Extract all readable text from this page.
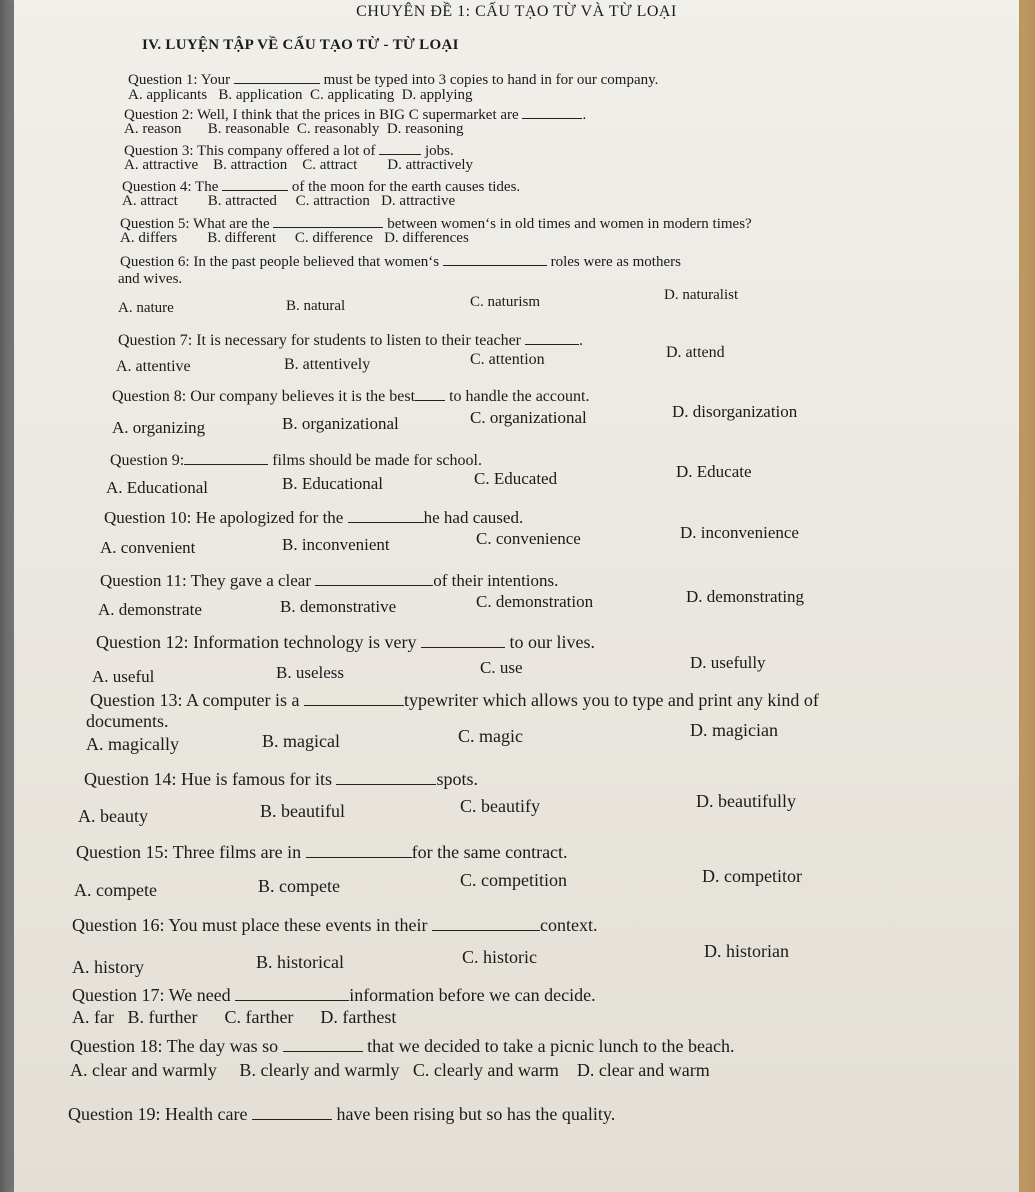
CHUYÊN ĐỀ 1: CẤU TẠO TỪ VÀ TỪ LOẠI
IV. LUYỆN TẬP VỀ CẤU TẠO TỪ - TỪ LOẠI
Question 1: Your	must be typed into 3 copies to hand in for our company.
A. applicants   B. application  C. applicating  D. applying
Question 2: Well, I think that the prices in BIG C supermarket are	.
A. reason       B. reasonable  C. reasonably  D. reasoning
Question 3: This company offered a lot of	jobs.
A. attractive    B. attraction    C. attract        D. attractively
Question 4: The	of the moon for the earth causes tides.
A. attract        B. attracted     C. attraction   D. attractive
Question 5: What are the	between women‘s in old times and women in modern times?
A. differs        B. different     C. difference   D. differences
Question 6: In the past people believed that women‘s	roles were as mothers
and wives.
A. nature	B. natural	C. naturism	D. naturalist
Question 7: It is necessary for students to listen to their teacher	.
A. attentive	B. attentively	C. attention	D. attend
Question 8: Our company believes it is the best to handle the account.
A. organizing	B. organizational	C. organizational	D. disorganization
Question 9:	films should be made for school.
A. Educational	B. Educational	C. Educated	D. Educate
Question 10: He apologized for the	he had caused.
A. convenient	B. inconvenient	C. convenience	D. inconvenience
Question 11: They gave a clear	of their intentions.
A. demonstrate	B. demonstrative	C. demonstration	D. demonstrating
Question 12: Information technology is very	to our lives.
A. useful	B. useless	C. use	D. usefully
Question 13: A computer is a	typewriter which allows you to type and print any kind of
documents.
A. magically	B. magical	C. magic	D. magician
Question 14: Hue is famous for its	spots.
A. beauty	B. beautiful	C. beautify	D. beautifully
Question 15: Three films are in	for the same contract.
A. compete	B. compete	C. competition	D. competitor
Question 16: You must place these events in their	context.
A. history	B. historical	C. historic	D. historian
Question 17: We need	information before we can decide.
A. far   B. further      C. farther      D. farthest
Question 18: The day was so	that we decided to take a picnic lunch to the beach.
A. clear and warmly     B. clearly and warmly   C. clearly and warm    D. clear and warm
Question 19: Health care	have been rising but so has the quality.
